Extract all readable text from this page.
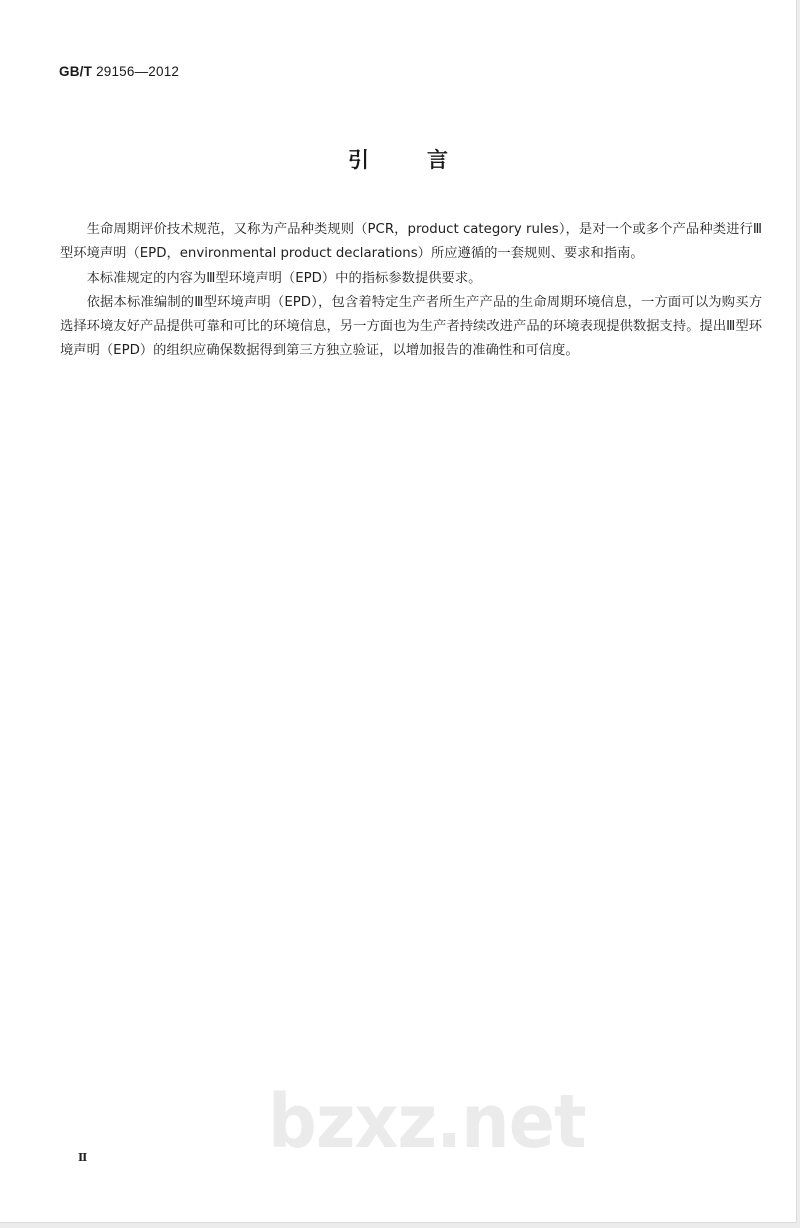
GB/T 29156—2012
引言

生命周期评价技术规范，又称为产品种类规则（PCR，product category rules），是对一个或多个产品种类进行Ⅲ型环境声明（EPD，environmental product declarations）所应遵循的一套规则、要求和指南。

本标准规定的内容为Ⅲ型环境声明（EPD）中的指标参数提供要求。

依据本标准编制的Ⅲ型环境声明（EPD），包含着特定生产者所生产产品的生命周期环境信息，一方面可以为购买方选择环境友好产品提供可靠和可比的环境信息，另一方面也为生产者持续改进产品的环境表现提供数据支持。提出Ⅲ型环境声明（EPD）的组织应确保数据得到第三方独立验证，以增加报告的准确性和可信度。

bzxz.net
Ⅱ
